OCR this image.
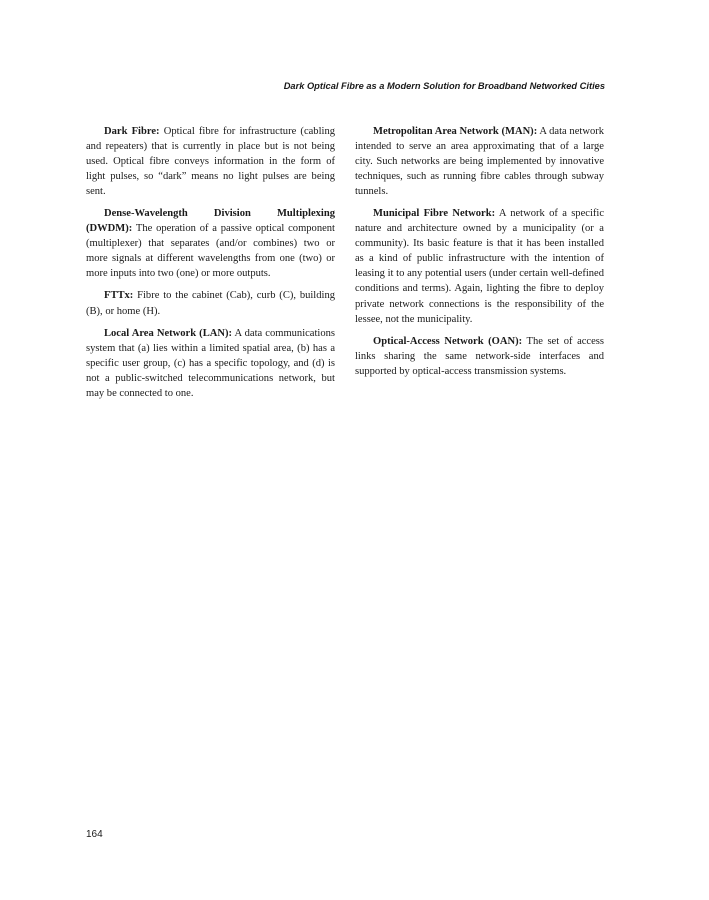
Dark Optical Fibre as a Modern Solution for Broadband Networked Cities

Dark Fibre: Optical fibre for infrastructure (cabling and repeaters) that is currently in place but is not being used. Optical fibre conveys information in the form of light pulses, so “dark” means no light pulses are being sent.

Dense-Wavelength Division Multiplexing (DWDM): The operation of a passive optical component (multiplexer) that separates (and/or combines) two or more signals at different wavelengths from one (two) or more inputs into two (one) or more outputs.

FTTx: Fibre to the cabinet (Cab), curb (C), building (B), or home (H).

Local Area Network (LAN): A data communications system that (a) lies within a limited spatial area, (b) has a specific user group, (c) has a specific topology, and (d) is not a public-switched telecommunications network, but may be connected to one.

Metropolitan Area Network (MAN): A data network intended to serve an area approximating that of a large city. Such networks are being implemented by innovative techniques, such as running fibre cables through subway tunnels.

Municipal Fibre Network: A network of a specific nature and architecture owned by a municipality (or a community). Its basic feature is that it has been installed as a kind of public infrastructure with the intention of leasing it to any potential users (under certain well-defined conditions and terms). Again, lighting the fibre to deploy private network connections is the responsibility of the lessee, not the municipality.

Optical-Access Network (OAN): The set of access links sharing the same network-side interfaces and supported by optical-access transmission systems.

164
